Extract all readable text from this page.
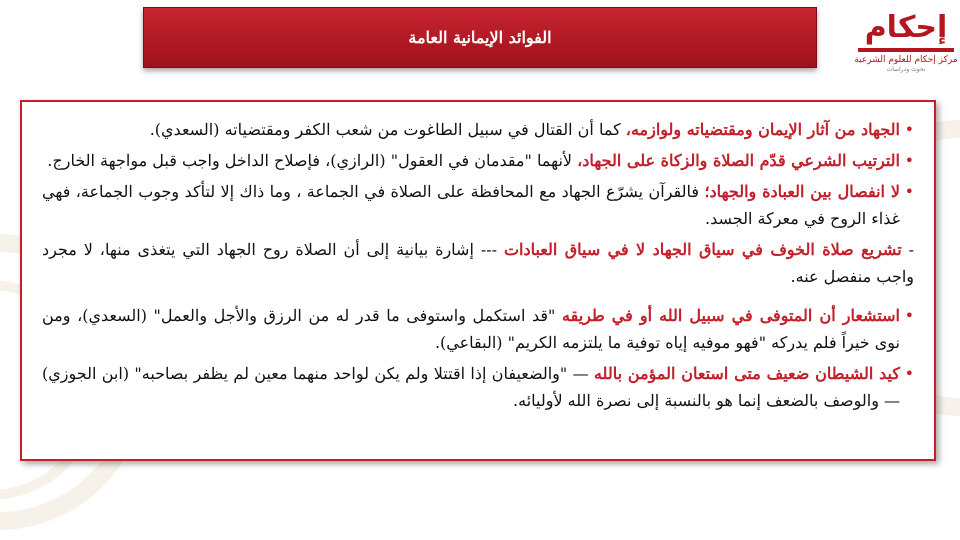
الفوائد الإيمانية العامة	إحكام
مركز إحكام للعلوم الشرعية
بحوث ودراسات
•
الجهاد من آثار الإيمان ومقتضياته ولوازمه، كما أن القتال في سبيل الطاغوت من شعب الكفر ومقتضياته (السعدي).
•
الترتيب الشرعي قدّم الصلاة والزكاة على الجهاد، لأنهما "مقدمان في العقول" (الرازي)، فإصلاح الداخل واجب قبل مواجهة الخارج.
•
لا انفصال بين العبادة والجهاد؛ فالقرآن يشرّع الجهاد مع المحافظة على الصلاة في الجماعة ، وما ذاك إلا لتأكد وجوب الجماعة، فهي غذاء الروح في معركة الجسد.
- تشريع صلاة الخوف في سياق الجهاد لا في سياق العبادات --- إشارة بيانية إلى أن الصلاة روح الجهاد التي يتغذى منها، لا مجرد واجب منفصل عنه.
•
استشعار أن المتوفى في سبيل الله أو في طريقه "قد استكمل واستوفى ما قدر له من الرزق والأجل والعمل" (السعدي)، ومن نوى خيراً فلم يدركه "فهو موفيه إياه توفية ما يلتزمه الكريم" (البقاعي).
•
كيد الشيطان ضعيف متى استعان المؤمن بالله — "والضعيفان إذا اقتتلا ولم يكن لواحد منهما معين لم يظفر بصاحبه" (ابن الجوزي) — والوصف بالضعف إنما هو بالنسبة إلى نصرة الله لأوليائه.
